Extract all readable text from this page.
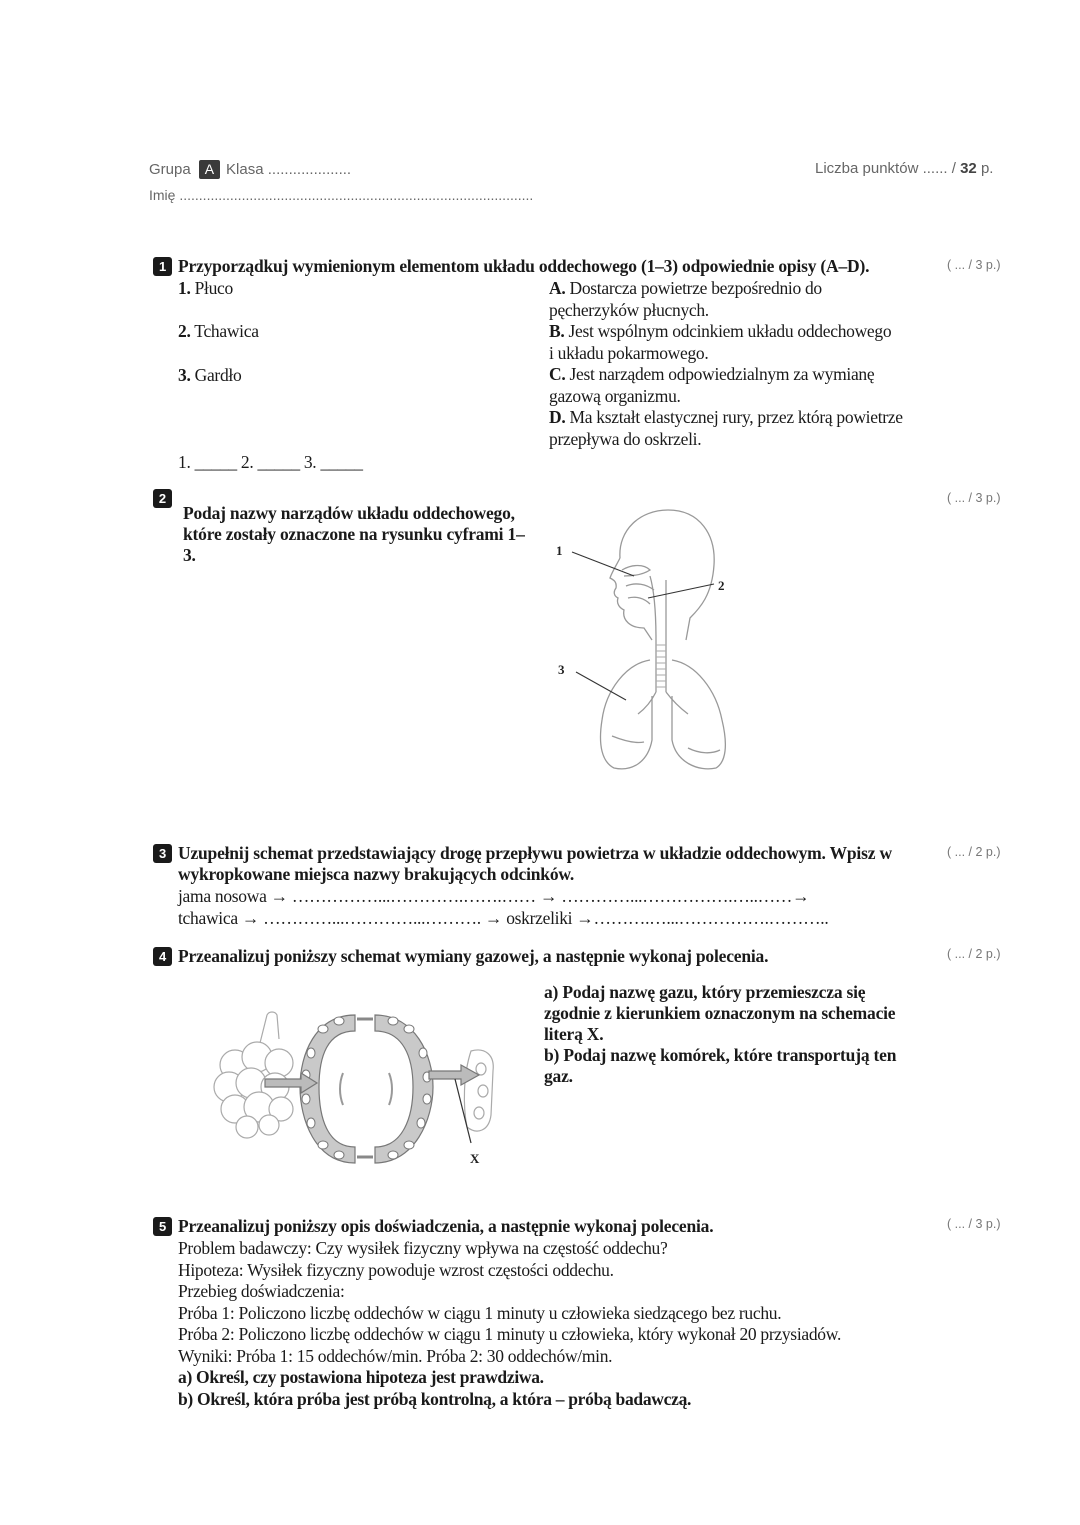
Grupa A Klasa ....................	Liczba punktów ...... / 32 p.
Imię ...........................................................................................
1 Przyporządkuj wymienionym elementom układu oddechowego (1–3) odpowiednie opisy (A–D).	( ... / 3 p.)
1. Płuco
2. Tchawica
3. Gardło
A. Dostarcza powietrze bezpośrednio do
pęcherzyków płucnych.
B. Jest wspólnym odcinkiem układu oddechowego
i układu pokarmowego.
C. Jest narządem odpowiedzialnym za wymianę
gazową organizmu.
D. Ma kształt elastycznej rury, przez którą powietrze
przepływa do oskrzeli.
1. _____ 2. _____ 3. _____
2
Podaj nazwy narządów układu oddechowego,
które zostały oznaczone na rysunku cyframi 1–
3.
( ... / 3 p.)
1
2
3
3 Uzupełnij schemat przedstawiający drogę przepływu powietrza w układzie oddechowym. Wpisz w
wykropkowane miejsca nazwy brakujących odcinków.
( ... / 2 p.)
jama nosowa → ……………...………….…….…… → …………...…………….…..……→
tchawica → …………...…………...………. → oskrzeliki →……….…...…………….………..
4 Przeanalizuj poniższy schemat wymiany gazowej, a następnie wykonaj polecenia.	( ... / 2 p.)
X
a) Podaj nazwę gazu, który przemieszcza się
zgodnie z kierunkiem oznaczonym na schemacie
literą X.
b) Podaj nazwę komórek, które transportują ten
gaz.
5 Przeanalizuj poniższy opis doświadczenia, a następnie wykonaj polecenia.	( ... / 3 p.)
Problem badawczy: Czy wysiłek fizyczny wpływa na częstość oddechu?
Hipoteza: Wysiłek fizyczny powoduje wzrost częstości oddechu.
Przebieg doświadczenia:
Próba 1: Policzono liczbę oddechów w ciągu 1 minuty u człowieka siedzącego bez ruchu.
Próba 2: Policzono liczbę oddechów w ciągu 1 minuty u człowieka, który wykonał 20 przysiadów.
Wyniki: Próba 1: 15 oddechów/min. Próba 2: 30 oddechów/min.
a) Określ, czy postawiona hipoteza jest prawdziwa.
b) Określ, która próba jest próbą kontrolną, a która – próbą badawczą.
